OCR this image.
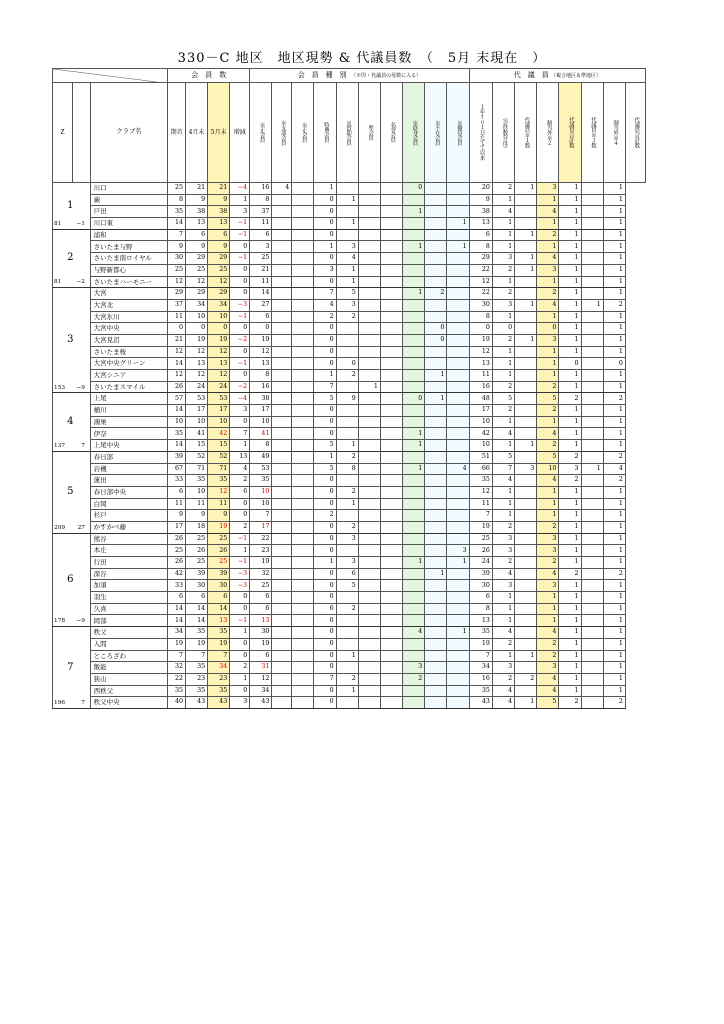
330－C 地区　地区現勢 & 代議員数　（　5月 末現在　）
	会　員　数				会　員　種　別 （※印・代議員の母数に入る）										代　議　員 （複合地区＆準地区）							
Z		クラブ名	期首	4月末	5月末	増減	※正会員	※支部会員	※正会員	特典会員	※賛助会員	準会員	名誉会員	※終身会員	※不在会員	※優待会員	１年ｔｏ１日たてて以来	（会員数分母）	代議員※１数	制当外※２	代議員合計数	代議員※３数	制当外※４	代議員合計数

1
81 −1		川口	25	21	21	−4	16	4		1				0			20	2	1	3	1		1	
		蕨	8	9	9	1	8			0	1						9	1		1	1		1	
		戸田	35	38	38	3	37			0				1			38	4		4	1		1	
		川口東	14	13	13	−1	11			0	1					1	13	1		1	1		1	

2
81 −2		浦和	7	6	6	−1	6			0							6	1	1	2	1		1	
		さいたま与野	9	9	9	0	3			1	3			1		1	8	1		1	1		1	
		さいたま南ロイヤル	30	29	29	−1	25			0	4						29	3	1	4	1		1	
		与野新都心	25	25	25	0	21			3	1						22	2	1	3	1		1	
		さいたまハーモニー	12	12	12	0	11			0	1						12	1		1	1		1	

3
153 −9		大宮	29	29	29	0	14			7	5			1	2		22	2		2	1		1	
		大宮北	37	34	34	−3	27			4	3						30	3	1	4	1	1	2	
		大宮氷川	11	10	10	−1	6			2	2						8	1		1	1		1	
		大宮中央	0	0	0	0	0			0					0		0	0		0	1		1	
		大宮見沼	21	19	19	−2	19			0					0		19	2	1	3	1		1	
		さいたま桜	12	12	12	0	12			0							12	1		1	1		1	
		大宮中央グリーン	14	13	13	−1	13			0	0						13	1		1	0		0	
		大宮シニア	12	12	12	0	8			1	2				1		11	1		1	1		1	
		さいたまスマイル	26	24	24	−2	16			7		1					16	2		2	1		1	

4
137 7		上尾	57	53	53	−4	38			5	9			0	1		48	5		5	2		2	
		桶川	14	17	17	3	17			0							17	2		2	1		1	
		鴻巣	10	10	10	0	10			0							10	1		1	1		1	
		伊奈	35	41	42	7	41			0				1			42	4		4	1		1	
		上尾中央	14	15	15	1	8			5	1			1			10	1	1	2	1		1	

5
209 27		春日部	39	52	52	13	49			1	2						51	5		5	2		2	
		岩槻	67	71	71	4	53			5	8			1		4	66	7	3	10	3	1	4	
		蓮田	33	35	35	2	35			0							35	4		4	2		2	
		春日部中央	6	10	12	6	10			0	2						12	1		1	1		1	
		白岡	11	11	11	0	10			0	1						11	1		1	1		1	
		杉戸	9	9	9	0	7			2							7	1		1	1		1	
		かすかべ藤	17	18	19	2	17			0	2						19	2		2	1		1	

6
178 −9		熊谷	26	25	25	−1	22			0	3						25	3		3	1		1	
		本庄	25	26	26	1	23			0						3	26	3		3	1		1	
		行田	26	25	25	−1	19			1	3			1		1	24	2		2	1		1	
		深谷	42	39	39	−3	32			0	6				1		39	4		4	2		2	
		加須	33	30	30	−3	25			0	5						30	3		3	1		1	
		羽生	6	6	6	0	6			0							6	1		1	1		1	
		久喜	14	14	14	0	6			6	2						8	1		1	1		1	
		岡部	14	14	13	−1	13			0							13	1		1	1		1	

7
196 7		秩父	34	35	35	1	30			0				4		1	35	4		4	1		1	
		入間	19	19	19	0	19			0							19	2		2	1		1	
		ところざわ	7	7	7	0	6			0	1						7	1	1	2	1		1	
		飯能	32	35	34	2	31			0				3			34	3		3	1		1	
		狭山	22	23	23	1	12			7	2			2			16	2	2	4	1		1	
		西秩父	35	35	35	0	34			0	1						35	4		4	1		1	
		秩父中央	40	43	43	3	43			0							43	4	1	5	2		2	
